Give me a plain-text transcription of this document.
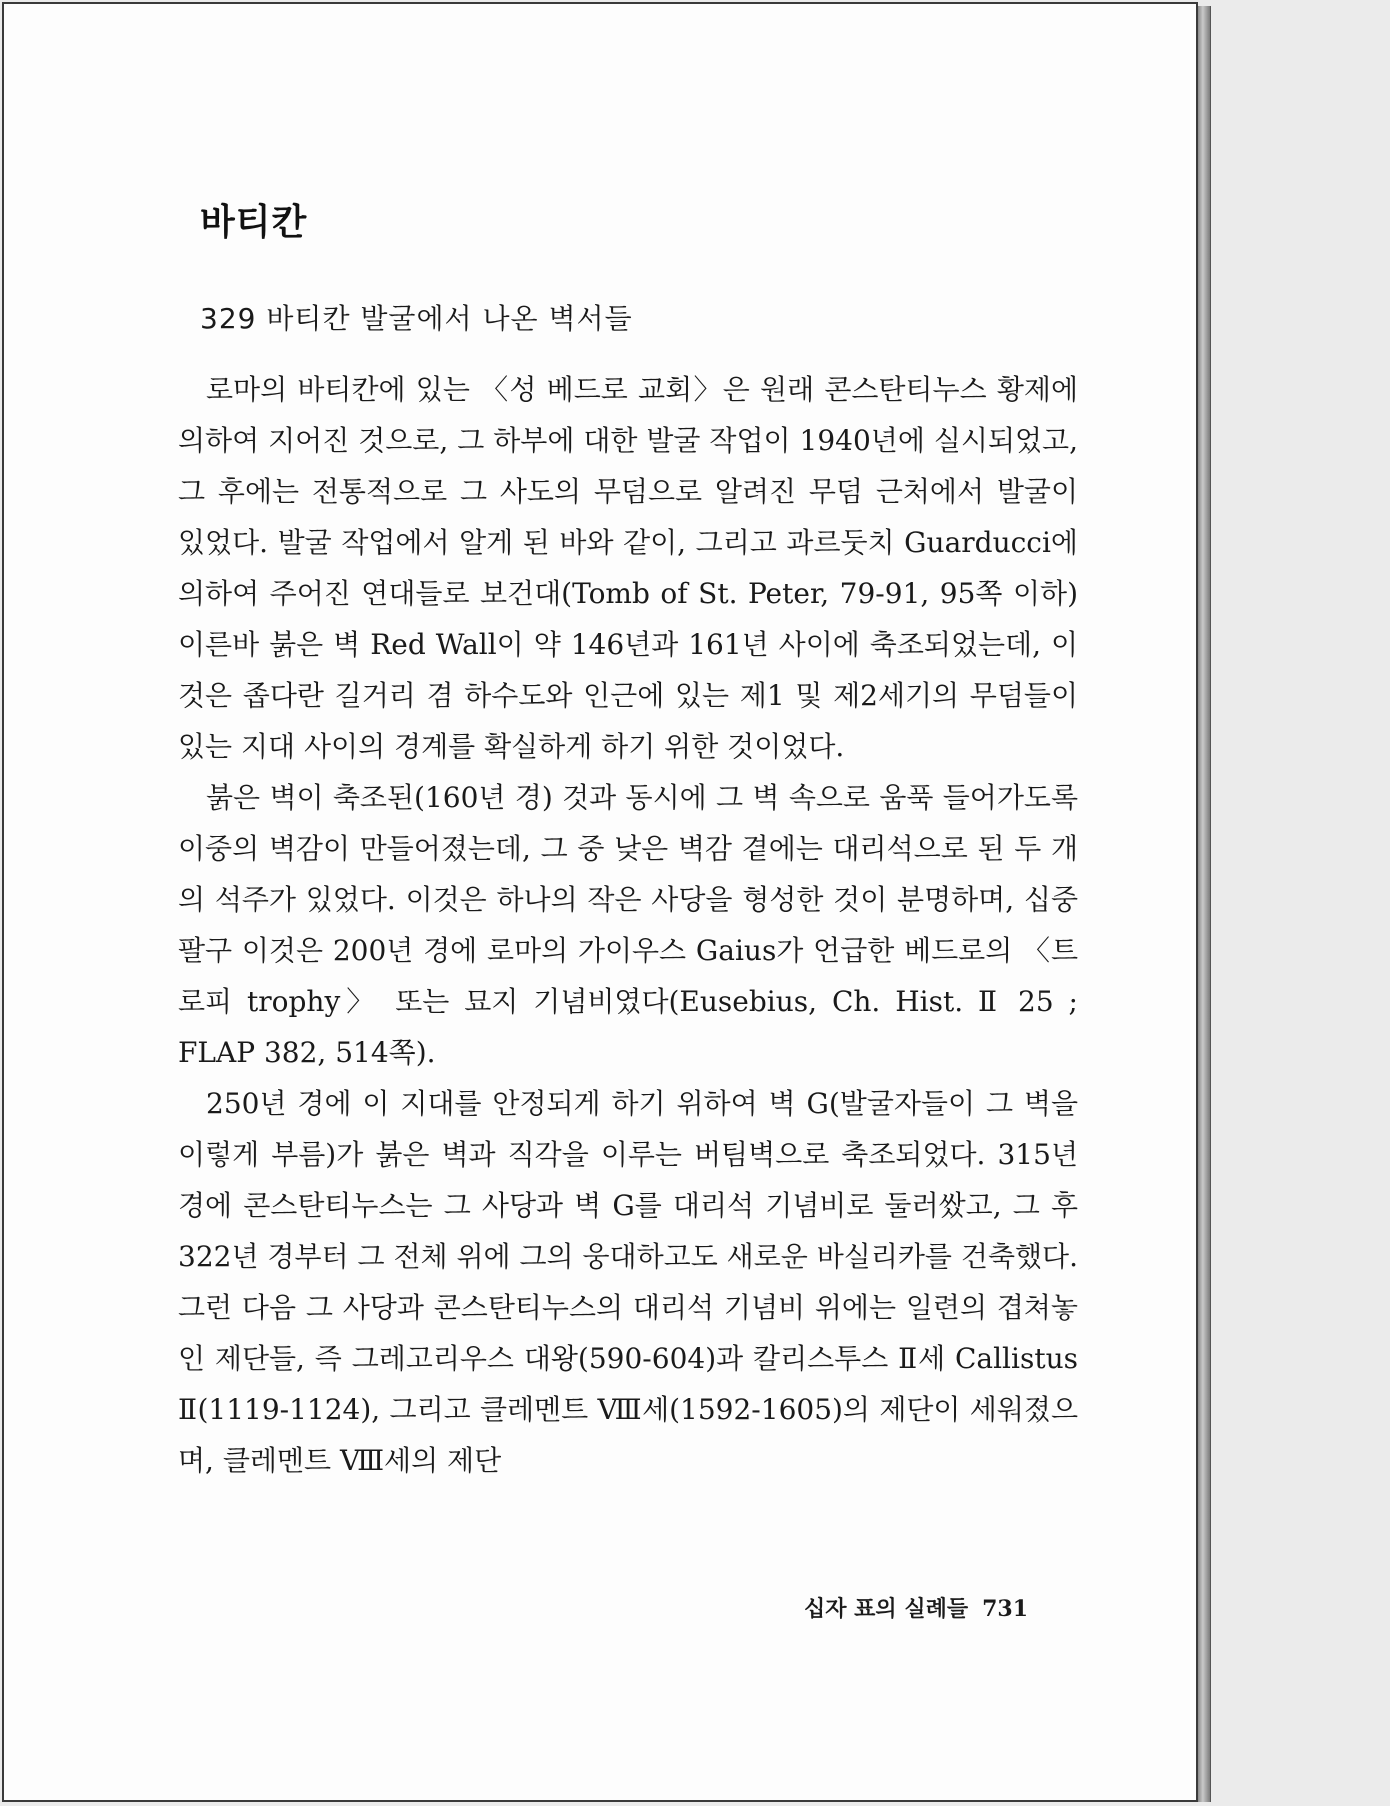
바티칸
329 바티칸 발굴에서 나온 벽서들

로마의 바티칸에 있는 〈성 베드로 교회〉은 원래 콘스탄티누스 황제에 의하여 지어진 것으로, 그 하부에 대한 발굴 작업이 1940년에 실시되었고, 그 후에는 전통적으로 그 사도의 무덤으로 알려진 무덤 근처에서 발굴이 있었다. 발굴 작업에서 알게 된 바와 같이, 그리고 과르둣치 Guarducci에 의하여 주어진 연대들로 보건대(Tomb of St. Peter, 79-91, 95쪽 이하) 이른바 붉은 벽 Red Wall이 약 146년과 161년 사이에 축조되었는데, 이것은 좁다란 길거리 겸 하수도와 인근에 있는 제1 및 제2세기의 무덤들이 있는 지대 사이의 경계를 확실하게 하기 위한 것이었다.

붉은 벽이 축조된(160년 경) 것과 동시에 그 벽 속으로 움푹 들어가도록 이중의 벽감이 만들어졌는데, 그 중 낮은 벽감 곁에는 대리석으로 된 두 개의 석주가 있었다. 이것은 하나의 작은 사당을 형성한 것이 분명하며, 십중팔구 이것은 200년 경에 로마의 가이우스 Gaius가 언급한 베드로의 〈트로피 trophy〉 또는 묘지 기념비였다(Eusebius, Ch. Hist. Ⅱ 25 ; FLAP 382, 514쪽).

250년 경에 이 지대를 안정되게 하기 위하여 벽 G(발굴자들이 그 벽을 이렇게 부름)가 붉은 벽과 직각을 이루는 버팀벽으로 축조되었다. 315년 경에 콘스탄티누스는 그 사당과 벽 G를 대리석 기념비로 둘러쌌고, 그 후 322년 경부터 그 전체 위에 그의 웅대하고도 새로운 바실리카를 건축했다. 그런 다음 그 사당과 콘스탄티누스의 대리석 기념비 위에는 일련의 겹쳐놓인 제단들, 즉 그레고리우스 대왕(590-604)과 칼리스투스 Ⅱ세 Callistus Ⅱ(1119-1124), 그리고 클레멘트 Ⅷ세(1592-1605)의 제단이 세워졌으며, 클레멘트 Ⅷ세의 제단

십자 표의 실례들 731
